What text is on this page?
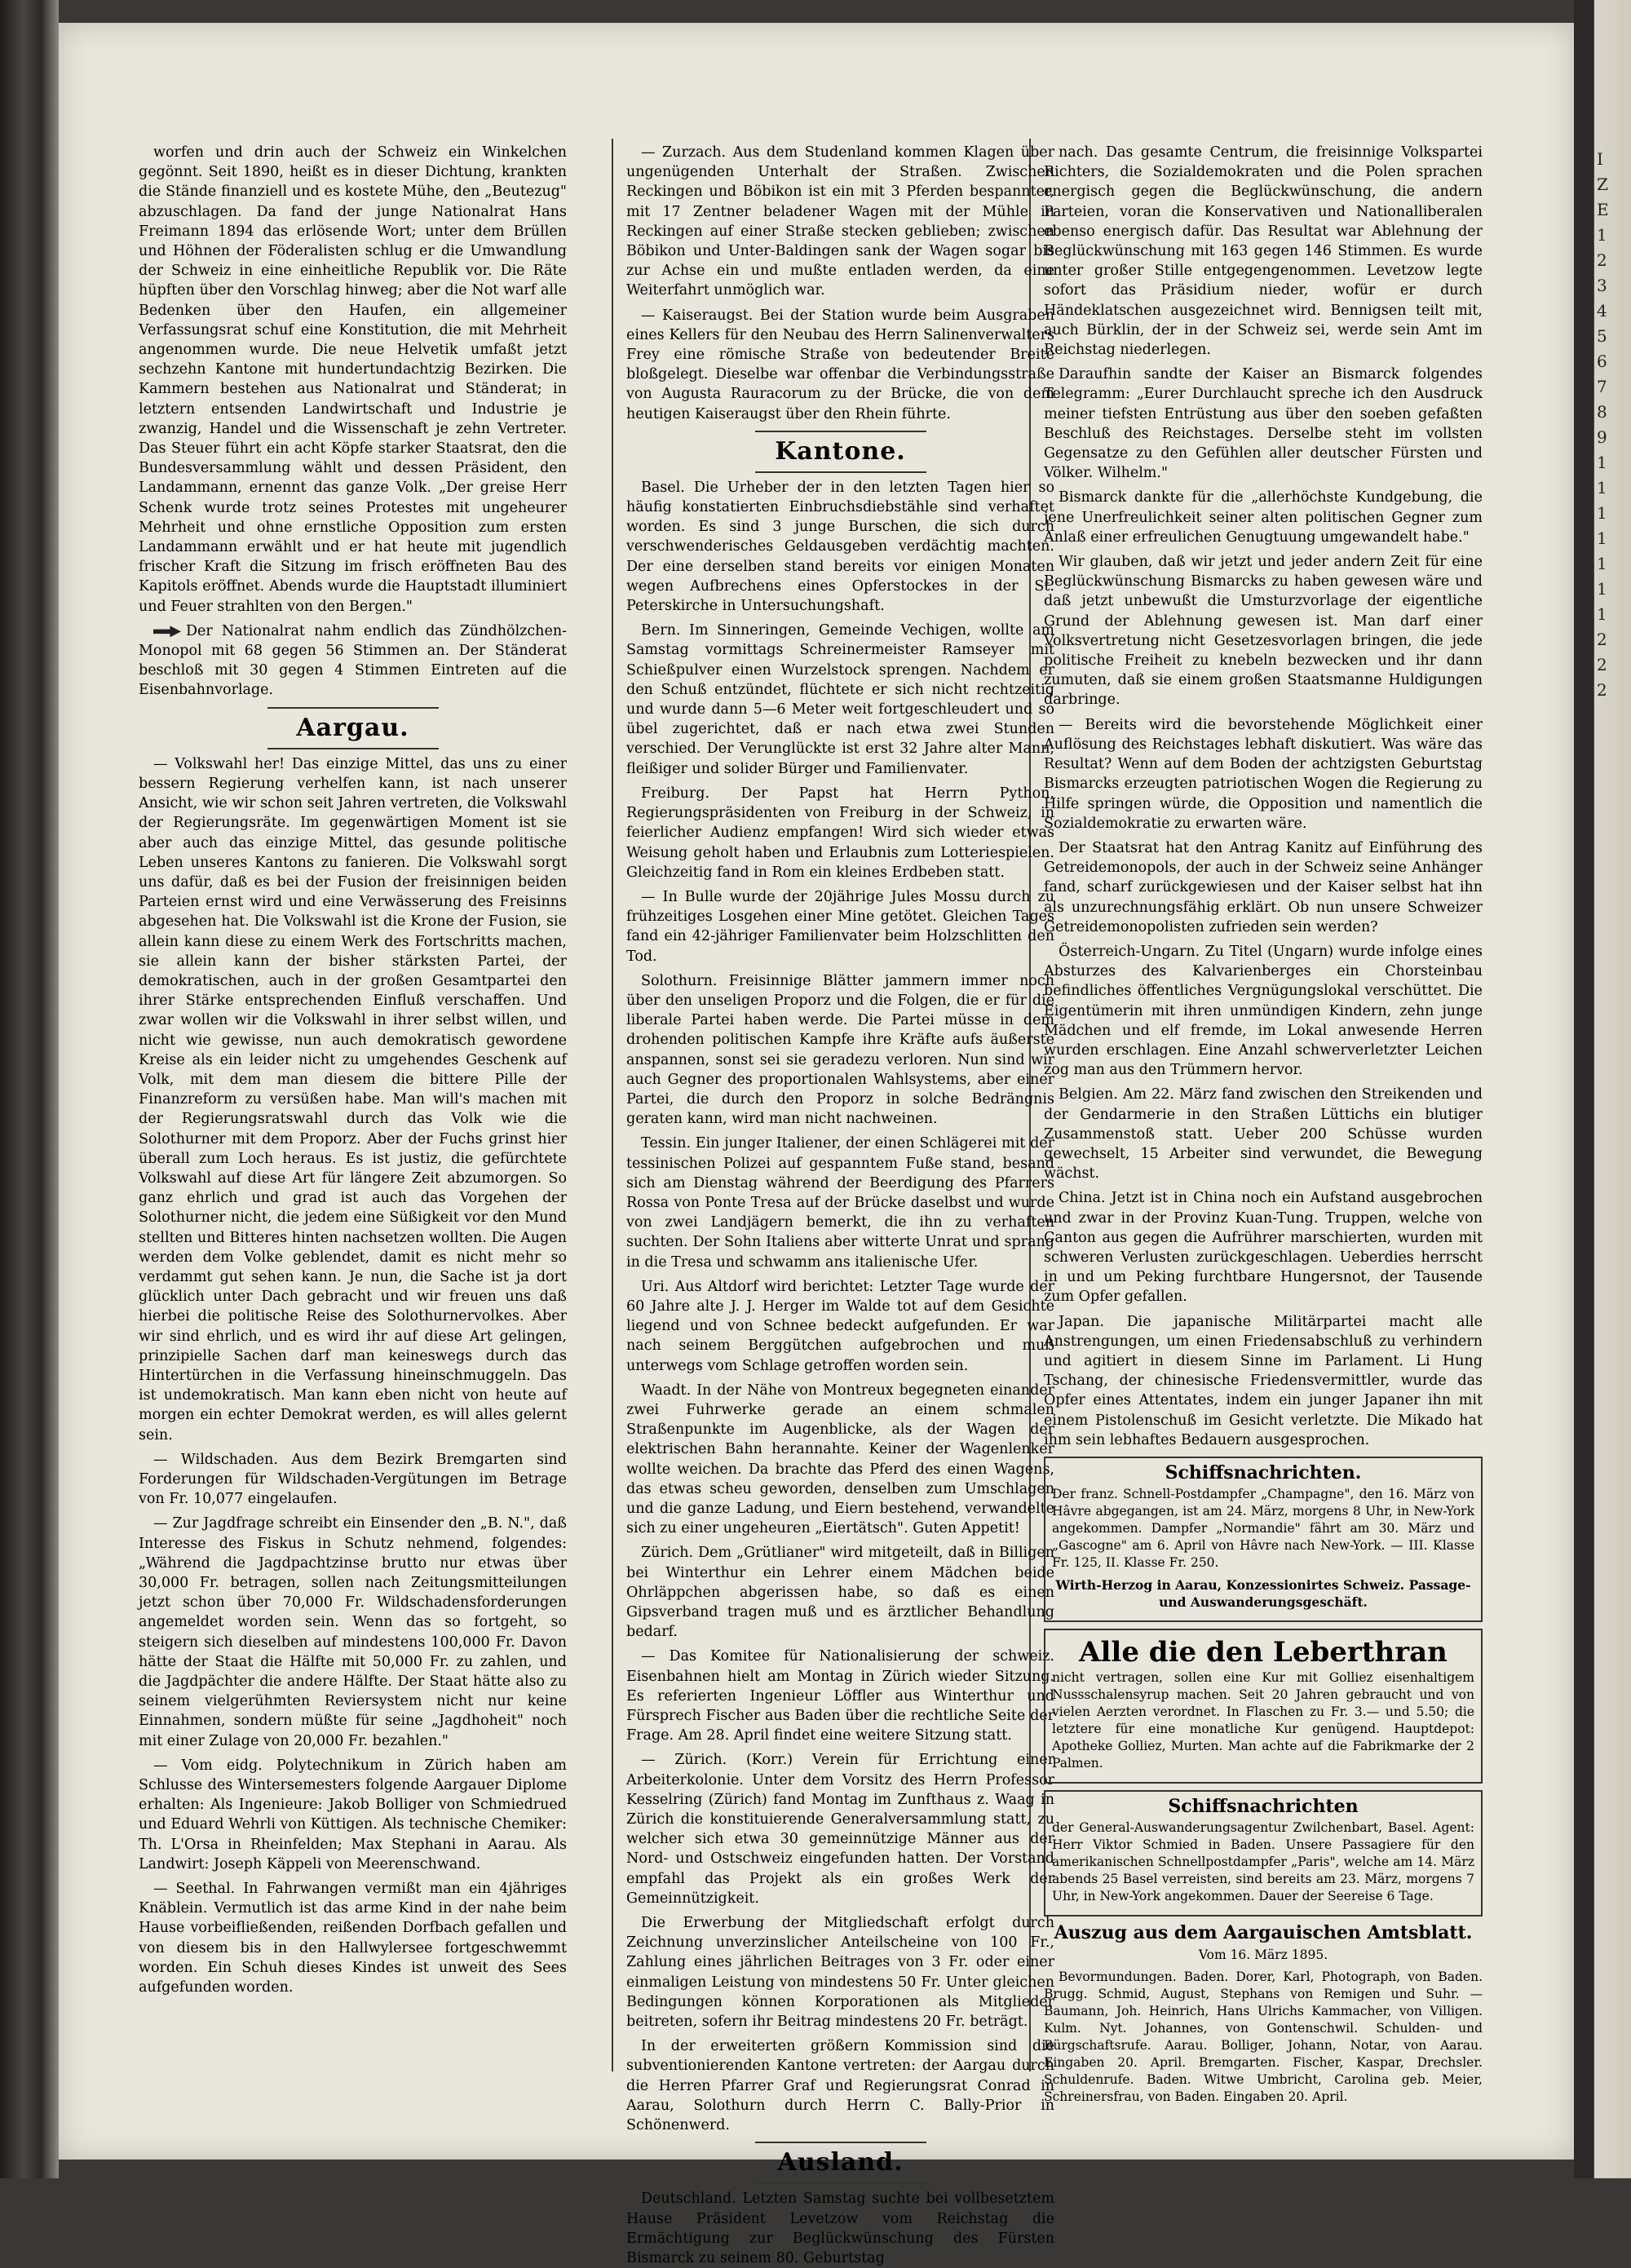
worfen und drin auch der Schweiz ein Winkelchen gegönnt. Seit 1890, heißt es in dieser Dichtung, krankten die Stände finanziell und es kostete Mühe, den „Beutezug" abzuschlagen. Da fand der junge Nationalrat Hans Freimann 1894 das erlösende Wort; unter dem Brüllen und Höhnen der Föderalisten schlug er die Umwandlung der Schweiz in eine einheitliche Republik vor. Die Räte hüpften über den Vorschlag hinweg; aber die Not warf alle Bedenken über den Haufen, ein allgemeiner Verfassungsrat schuf eine Konstitution, die mit Mehrheit angenommen wurde. Die neue Helvetik umfaßt jetzt sechzehn Kantone mit hundertundachtzig Bezirken. Die Kammern bestehen aus Nationalrat und Ständerat; in letztern entsenden Landwirtschaft und Industrie je zwanzig, Handel und die Wissenschaft je zehn Vertreter. Das Steuer führt ein acht Köpfe starker Staatsrat, den die Bundesversammlung wählt und dessen Präsident, den Landammann, ernennt das ganze Volk. „Der greise Herr Schenk wurde trotz seines Protestes mit ungeheurer Mehrheit und ohne ernstliche Opposition zum ersten Landammann erwählt und er hat heute mit jugendlich frischer Kraft die Sitzung im frisch eröffneten Bau des Kapitols eröffnet. Abends wurde die Hauptstadt illuminiert und Feuer strahlten von den Bergen."

Der Nationalrat nahm endlich das Zündhölzchen-Monopol mit 68 gegen 56 Stimmen an. Der Ständerat beschloß mit 30 gegen 4 Stimmen Eintreten auf die Eisenbahnvorlage.

Aargau.

— Volkswahl her! Das einzige Mittel, das uns zu einer bessern Regierung verhelfen kann, ist nach unserer Ansicht, wie wir schon seit Jahren vertreten, die Volkswahl der Regierungsräte. Im gegenwärtigen Moment ist sie aber auch das einzige Mittel, das gesunde politische Leben unseres Kantons zu fanieren. Die Volkswahl sorgt uns dafür, daß es bei der Fusion der freisinnigen beiden Parteien ernst wird und eine Verwässerung des Freisinns abgesehen hat. Die Volkswahl ist die Krone der Fusion, sie allein kann diese zu einem Werk des Fortschritts machen, sie allein kann der bisher stärksten Partei, der demokratischen, auch in der großen Gesamtpartei den ihrer Stärke entsprechenden Einfluß verschaffen. Und zwar wollen wir die Volkswahl in ihrer selbst willen, und nicht wie gewisse, nun auch demokratisch gewordene Kreise als ein leider nicht zu umgehendes Geschenk auf Volk, mit dem man diesem die bittere Pille der Finanzreform zu versüßen habe. Man will's machen mit der Regierungsratswahl durch das Volk wie die Solothurner mit dem Proporz. Aber der Fuchs grinst hier überall zum Loch heraus. Es ist justiz, die gefürchtete Volkswahl auf diese Art für längere Zeit abzumorgen. So ganz ehrlich und grad ist auch das Vorgehen der Solothurner nicht, die jedem eine Süßigkeit vor den Mund stellten und Bitteres hinten nachsetzen wollten. Die Augen werden dem Volke geblendet, damit es nicht mehr so verdammt gut sehen kann. Je nun, die Sache ist ja dort glücklich unter Dach gebracht und wir freuen uns daß hierbei die politische Reise des Solothurnervolkes. Aber wir sind ehrlich, und es wird ihr auf diese Art gelingen, prinzipielle Sachen darf man keineswegs durch das Hintertürchen in die Verfassung hineinschmuggeln. Das ist undemokratisch. Man kann eben nicht von heute auf morgen ein echter Demokrat werden, es will alles gelernt sein.

— Wildschaden. Aus dem Bezirk Bremgarten sind Forderungen für Wildschaden-Vergütungen im Betrage von Fr. 10,077 eingelaufen.

— Zur Jagdfrage schreibt ein Einsender den „B. N.", daß Interesse des Fiskus in Schutz nehmend, folgendes: „Während die Jagdpachtzinse brutto nur etwas über 30,000 Fr. betragen, sollen nach Zeitungsmitteilungen jetzt schon über 70,000 Fr. Wildschadensforderungen angemeldet worden sein. Wenn das so fortgeht, so steigern sich dieselben auf mindestens 100,000 Fr. Davon hätte der Staat die Hälfte mit 50,000 Fr. zu zahlen, und die Jagdpächter die andere Hälfte. Der Staat hätte also zu seinem vielgerühmten Reviersystem nicht nur keine Einnahmen, sondern müßte für seine „Jagdhoheit" noch mit einer Zulage von 20,000 Fr. bezahlen."

— Vom eidg. Polytechnikum in Zürich haben am Schlusse des Wintersemesters folgende Aargauer Diplome erhalten: Als Ingenieure: Jakob Bolliger von Schmiedrued und Eduard Wehrli von Küttigen. Als technische Chemiker: Th. L'Orsa in Rheinfelden; Max Stephani in Aarau. Als Landwirt: Joseph Käppeli von Meerenschwand.

— Seethal. In Fahrwangen vermißt man ein 4jähriges Knäblein. Vermutlich ist das arme Kind in der nahe beim Hause vorbeifließenden, reißenden Dorfbach gefallen und von diesem bis in den Hallwylersee fortgeschwemmt worden. Ein Schuh dieses Kindes ist unweit des Sees aufgefunden worden.

— Zurzach. Aus dem Studenland kommen Klagen über ungenügenden Unterhalt der Straßen. Zwischen Reckingen und Böbikon ist ein mit 3 Pferden bespannter, mit 17 Zentner beladener Wagen mit der Mühle in Reckingen auf einer Straße stecken geblieben; zwischen Böbikon und Unter-Baldingen sank der Wagen sogar bis zur Achse ein und mußte entladen werden, da eine Weiterfahrt unmöglich war.

— Kaiseraugst. Bei der Station wurde beim Ausgraben eines Kellers für den Neubau des Herrn Salinenverwalters Frey eine römische Straße von bedeutender Breite bloßgelegt. Dieselbe war offenbar die Verbindungsstraße von Augusta Rauracorum zu der Brücke, die von dem heutigen Kaiseraugst über den Rhein führte.

Kantone.

Basel. Die Urheber der in den letzten Tagen hier so häufig konstatierten Einbruchsdiebstähle sind verhaftet worden. Es sind 3 junge Burschen, die sich durch verschwenderisches Geldausgeben verdächtig machten. Der eine derselben stand bereits vor einigen Monaten wegen Aufbrechens eines Opferstockes in der St. Peterskirche in Untersuchungshaft.

Bern. Im Sinneringen, Gemeinde Vechigen, wollte am Samstag vormittags Schreinermeister Ramseyer mit Schießpulver einen Wurzelstock sprengen. Nachdem er den Schuß entzündet, flüchtete er sich nicht rechtzeitig und wurde dann 5—6 Meter weit fortgeschleudert und so übel zugerichtet, daß er nach etwa zwei Stunden verschied. Der Verunglückte ist erst 32 Jahre alter Mann, fleißiger und solider Bürger und Familienvater.

Freiburg. Der Papst hat Herrn Python, Regierungspräsidenten von Freiburg in der Schweiz, in feierlicher Audienz empfangen! Wird sich wieder etwas Weisung geholt haben und Erlaubnis zum Lotteriespielen. Gleichzeitig fand in Rom ein kleines Erdbeben statt.

— In Bulle wurde der 20jährige Jules Mossu durch zu frühzeitiges Losgehen einer Mine getötet. Gleichen Tages fand ein 42-jähriger Familienvater beim Holzschlitten den Tod.

Solothurn. Freisinnige Blätter jammern immer noch über den unseligen Proporz und die Folgen, die er für die liberale Partei haben werde. Die Partei müsse in dem drohenden politischen Kampfe ihre Kräfte aufs äußerste anspannen, sonst sei sie geradezu verloren. Nun sind wir auch Gegner des proportionalen Wahlsystems, aber einer Partei, die durch den Proporz in solche Bedrängnis geraten kann, wird man nicht nachweinen.

Tessin. Ein junger Italiener, der einen Schlägerei mit der tessinischen Polizei auf gespanntem Fuße stand, besand sich am Dienstag während der Beerdigung des Pfarrers Rossa von Ponte Tresa auf der Brücke daselbst und wurde von zwei Landjägern bemerkt, die ihn zu verhaften suchten. Der Sohn Italiens aber witterte Unrat und sprang in die Tresa und schwamm ans italienische Ufer.

Uri. Aus Altdorf wird berichtet: Letzter Tage wurde der 60 Jahre alte J. J. Herger im Walde tot auf dem Gesichte liegend und von Schnee bedeckt aufgefunden. Er war nach seinem Berggütchen aufgebrochen und muß unterwegs vom Schlage getroffen worden sein.

Waadt. In der Nähe von Montreux begegneten einander zwei Fuhrwerke gerade an einem schmalen Straßenpunkte im Augenblicke, als der Wagen der elektrischen Bahn herannahte. Keiner der Wagenlenker wollte weichen. Da brachte das Pferd des einen Wagens, das etwas scheu geworden, denselben zum Umschlagen und die ganze Ladung, und Eiern bestehend, verwandelte sich zu einer ungeheuren „Eiertätsch". Guten Appetit!

Zürich. Dem „Grütlianer" wird mitgeteilt, daß in Billigen bei Winterthur ein Lehrer einem Mädchen beide Ohrläppchen abgerissen habe, so daß es einen Gipsverband tragen muß und es ärztlicher Behandlung bedarf.

— Das Komitee für Nationalisierung der schweiz. Eisenbahnen hielt am Montag in Zürich wieder Sitzung. Es referierten Ingenieur Löffler aus Winterthur und Fürsprech Fischer aus Baden über die rechtliche Seite der Frage. Am 28. April findet eine weitere Sitzung statt.

— Zürich. (Korr.) Verein für Errichtung einer Arbeiterkolonie. Unter dem Vorsitz des Herrn Professor Kesselring (Zürich) fand Montag im Zunfthaus z. Waag in Zürich die konstituierende Generalversammlung statt, zu welcher sich etwa 30 gemeinnützige Männer aus der Nord- und Ostschweiz eingefunden hatten. Der Vorstand empfahl das Projekt als ein großes Werk der Gemeinnützigkeit.

Die Erwerbung der Mitgliedschaft erfolgt durch Zeichnung unverzinslicher Anteilscheine von 100 Fr., Zahlung eines jährlichen Beitrages von 3 Fr. oder einer einmaligen Leistung von mindestens 50 Fr. Unter gleichen Bedingungen können Korporationen als Mitglieder beitreten, sofern ihr Beitrag mindestens 20 Fr. beträgt.

In der erweiterten größern Kommission sind die subventionierenden Kantone vertreten: der Aargau durch die Herren Pfarrer Graf und Regierungsrat Conrad in Aarau, Solothurn durch Herrn C. Bally-Prior in Schönenwerd.

Ausland.

Deutschland. Letzten Samstag suchte bei vollbesetztem Hause Präsident Levetzow vom Reichstag die Ermächtigung zur Beglückwünschung des Fürsten Bismarck zu seinem 80. Geburtstag

nach. Das gesamte Centrum, die freisinnige Volkspartei Richters, die Sozialdemokraten und die Polen sprachen energisch gegen die Beglückwünschung, die andern Parteien, voran die Konservativen und Nationalliberalen ebenso energisch dafür. Das Resultat war Ablehnung der Beglückwünschung mit 163 gegen 146 Stimmen. Es wurde unter großer Stille entgegengenommen. Levetzow legte sofort das Präsidium nieder, wofür er durch Händeklatschen ausgezeichnet wird. Bennigsen teilt mit, auch Bürklin, der in der Schweiz sei, werde sein Amt im Reichstag niederlegen.

Daraufhin sandte der Kaiser an Bismarck folgendes Telegramm: „Eurer Durchlaucht spreche ich den Ausdruck meiner tiefsten Entrüstung aus über den soeben gefaßten Beschluß des Reichstages. Derselbe steht im vollsten Gegensatze zu den Gefühlen aller deutscher Fürsten und Völker. Wilhelm."

Bismarck dankte für die „allerhöchste Kundgebung, die jene Unerfreulichkeit seiner alten politischen Gegner zum Anlaß einer erfreulichen Genugtuung umgewandelt habe."

Wir glauben, daß wir jetzt und jeder andern Zeit für eine Beglückwünschung Bismarcks zu haben gewesen wäre und daß jetzt unbewußt die Umsturzvorlage der eigentliche Grund der Ablehnung gewesen ist. Man darf einer Volksvertretung nicht Gesetzesvorlagen bringen, die jede politische Freiheit zu knebeln bezwecken und ihr dann zumuten, daß sie einem großen Staatsmanne Huldigungen darbringe.

— Bereits wird die bevorstehende Möglichkeit einer Auflösung des Reichstages lebhaft diskutiert. Was wäre das Resultat? Wenn auf dem Boden der achtzigsten Geburtstag Bismarcks erzeugten patriotischen Wogen die Regierung zu Hilfe springen würde, die Opposition und namentlich die Sozialdemokratie zu erwarten wäre.

Der Staatsrat hat den Antrag Kanitz auf Einführung des Getreidemonopols, der auch in der Schweiz seine Anhänger fand, scharf zurückgewiesen und der Kaiser selbst hat ihn als unzurechnungsfähig erklärt. Ob nun unsere Schweizer Getreidemonopolisten zufrieden sein werden?

Österreich-Ungarn. Zu Titel (Ungarn) wurde infolge eines Absturzes des Kalvarienberges ein Chorsteinbau befindliches öffentliches Vergnügungslokal verschüttet. Die Eigentümerin mit ihren unmündigen Kindern, zehn junge Mädchen und elf fremde, im Lokal anwesende Herren wurden erschlagen. Eine Anzahl schwerverletzter Leichen zog man aus den Trümmern hervor.

Belgien. Am 22. März fand zwischen den Streikenden und der Gendarmerie in den Straßen Lüttichs ein blutiger Zusammenstoß statt. Ueber 200 Schüsse wurden gewechselt, 15 Arbeiter sind verwundet, die Bewegung wächst.

China. Jetzt ist in China noch ein Aufstand ausgebrochen und zwar in der Provinz Kuan-Tung. Truppen, welche von Canton aus gegen die Aufrührer marschierten, wurden mit schweren Verlusten zurückgeschlagen. Ueberdies herrscht in und um Peking furchtbare Hungersnot, der Tausende zum Opfer gefallen.

Japan. Die japanische Militärpartei macht alle Anstrengungen, um einen Friedensabschluß zu verhindern und agitiert in diesem Sinne im Parlament. Li Hung Tschang, der chinesische Friedensvermittler, wurde das Opfer eines Attentates, indem ein junger Japaner ihn mit einem Pistolenschuß im Gesicht verletzte. Die Mikado hat ihm sein lebhaftes Bedauern ausgesprochen.

Schiffsnachrichten.

Der franz. Schnell-Postdampfer „Champagne", den 16. März von Hâvre abgegangen, ist am 24. März, morgens 8 Uhr, in New-York angekommen. Dampfer „Normandie" fährt am 30. März und „Gascogne" am 6. April von Hâvre nach New-York. — III. Klasse Fr. 125, II. Klasse Fr. 250.

Wirth-Herzog in Aarau, Konzessionirtes Schweiz. Passage- und Auswanderungsgeschäft.

Alle die den Leberthran

nicht vertragen, sollen eine Kur mit Golliez eisenhaltigem Nussschalensyrup machen. Seit 20 Jahren gebraucht und von vielen Aerzten verordnet. In Flaschen zu Fr. 3.— und 5.50; die letztere für eine monatliche Kur genügend. Hauptdepot: Apotheke Golliez, Murten. Man achte auf die Fabrikmarke der 2 Palmen.

Schiffsnachrichten

der General-Auswanderungsagentur Zwilchenbart, Basel. Agent: Herr Viktor Schmied in Baden. Unsere Passagiere für den amerikanischen Schnellpostdampfer „Paris", welche am 14. März abends 25 Basel verreisten, sind bereits am 23. März, morgens 7 Uhr, in New-York angekommen. Dauer der Seereise 6 Tage.

Auszug aus dem Aargauischen Amtsblatt.

Vom 16. März 1895.

Bevormundungen. Baden. Dorer, Karl, Photograph, von Baden. Brugg. Schmid, August, Stephans von Remigen und Suhr. — Baumann, Joh. Heinrich, Hans Ulrichs Kammacher, von Villigen. Kulm. Nyt. Johannes, von Gontenschwil. Schulden- und Bürgschaftsrufe. Aarau. Bolliger, Johann, Notar, von Aarau. Eingaben 20. April. Bremgarten. Fischer, Kaspar, Drechsler. Schuldenrufe. Baden. Witwe Umbricht, Carolina geb. Meier, Schreinersfrau, von Baden. Eingaben 20. April.

I
Z
E
1
2
3
4
5
6
7
8
9
1
1
1
1
1
1
1
2
2
2
